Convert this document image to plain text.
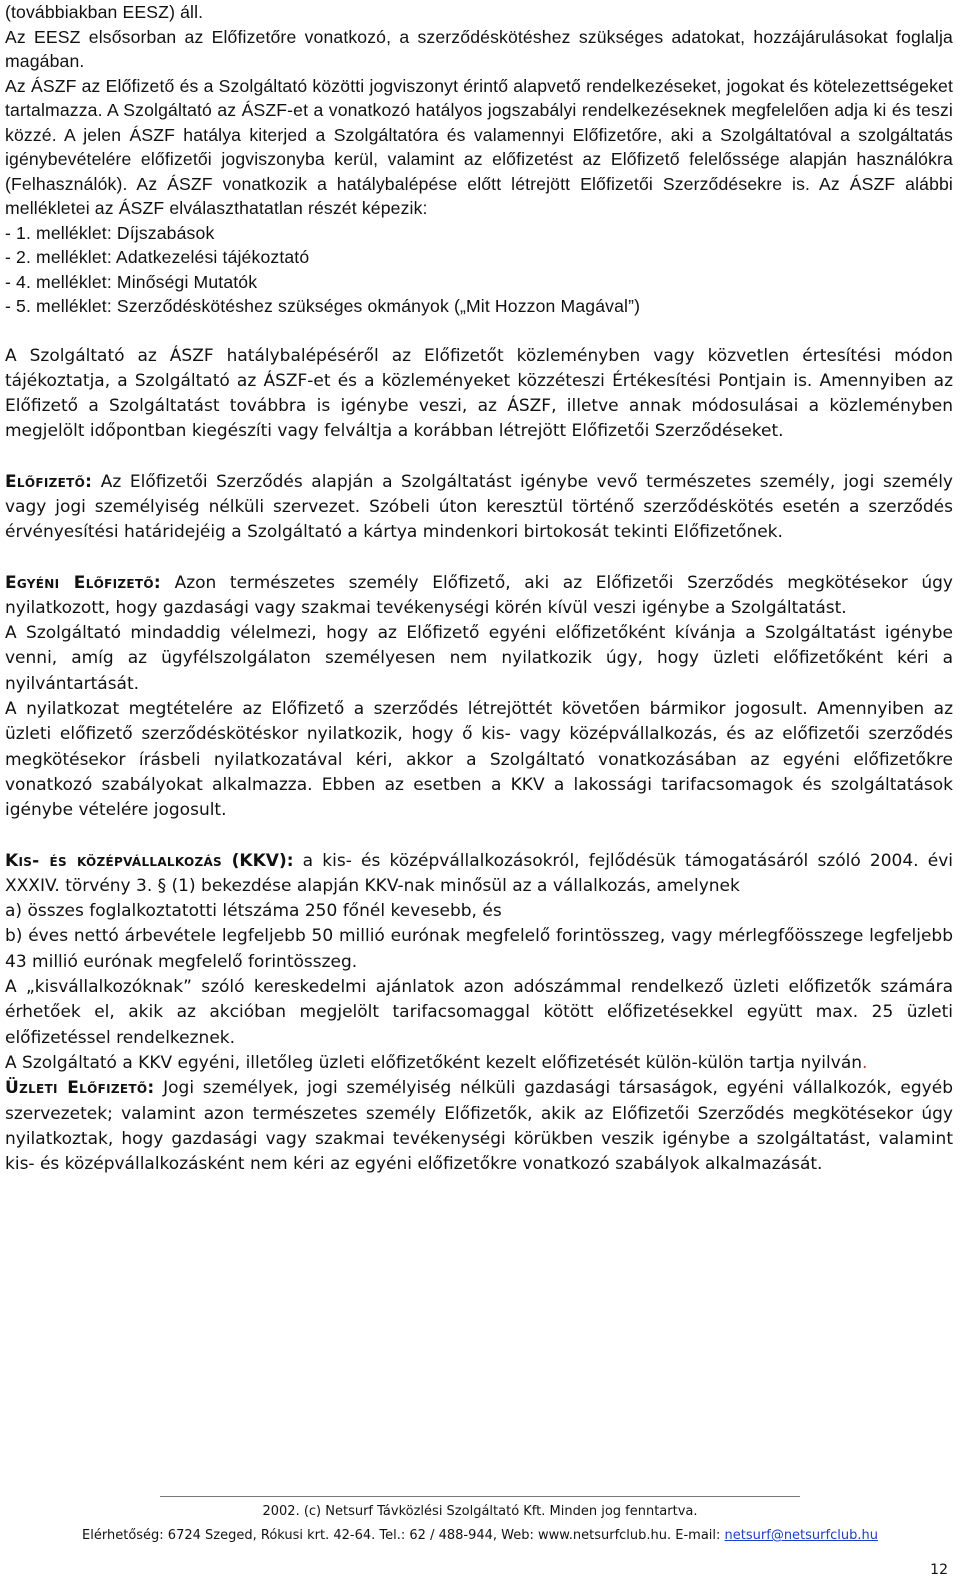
(továbbiakban EESZ) áll.

Az EESZ elsősorban az Előfizetőre vonatkozó, a szerződéskötéshez szükséges adatokat, hozzájárulásokat foglalja magában.

Az ÁSZF az Előfizető és a Szolgáltató közötti jogviszonyt érintő alapvető rendelkezéseket, jogokat és kötelezettségeket tartalmazza. A Szolgáltató az ÁSZF-et a vonatkozó hatályos jogszabályi rendelkezéseknek megfelelően adja ki és teszi közzé. A jelen ÁSZF hatálya kiterjed a Szolgáltatóra és valamennyi Előfizetőre, aki a Szolgáltatóval a szolgáltatás igénybevételére előfizetői jogviszonyba kerül, valamint az előfizetést az Előfizető felelőssége alapján használókra (Felhasználók). Az ÁSZF vonatkozik a hatálybalépése előtt létrejött Előfizetői Szerződésekre is. Az ÁSZF alábbi mellékletei az ÁSZF elválaszthatatlan részét képezik:

- 1. melléklet: Díjszabások

- 2. melléklet: Adatkezelési tájékoztató

- 4. melléklet: Minőségi Mutatók

- 5. melléklet: Szerződéskötéshez szükséges okmányok („Mit Hozzon Magával”)

A Szolgáltató az ÁSZF hatálybalépéséről az Előfizetőt közleményben vagy közvetlen értesítési módon tájékoztatja, a Szolgáltató az ÁSZF-et és a közleményeket közzéteszi Értékesítési Pontjain is. Amennyiben az Előfizető a Szolgáltatást továbbra is igénybe veszi, az ÁSZF, illetve annak módosulásai a közleményben megjelölt időpontban kiegészíti vagy felváltja a korábban létrejött Előfizetői Szerződéseket.

Előfizető: Az Előfizetői Szerződés alapján a Szolgáltatást igénybe vevő természetes személy, jogi személy vagy jogi személyiség nélküli szervezet. Szóbeli úton keresztül történő szerződéskötés esetén a szerződés érvényesítési határidejéig a Szolgáltató a kártya mindenkori birtokosát tekinti Előfizetőnek.

Egyéni Előfizető: Azon természetes személy Előfizető, aki az Előfizetői Szerződés megkötésekor úgy nyilatkozott, hogy gazdasági vagy szakmai tevékenységi körén kívül veszi igénybe a Szolgáltatást.

A Szolgáltató mindaddig vélelmezi, hogy az Előfizető egyéni előfizetőként kívánja a Szolgáltatást igénybe venni, amíg az ügyfélszolgálaton személyesen nem nyilatkozik úgy, hogy üzleti előfizetőként kéri a nyilvántartását.

A nyilatkozat megtételére az Előfizető a szerződés létrejöttét követően bármikor jogosult. Amennyiben az üzleti előfizető szerződéskötéskor nyilatkozik, hogy ő kis- vagy középvállalkozás, és az előfizetői szerződés megkötésekor írásbeli nyilatkozatával kéri, akkor a Szolgáltató vonatkozásában az egyéni előfizetőkre vonatkozó szabályokat alkalmazza. Ebben az esetben a KKV a lakossági tarifacsomagok és szolgáltatások igénybe vételére jogosult.

Kis- és középvállalkozás (KKV): a kis- és középvállalkozásokról, fejlődésük támogatásáról szóló 2004. évi XXXIV. törvény 3. § (1) bekezdése alapján KKV-nak minősül az a vállalkozás, amelynek

a) összes foglalkoztatotti létszáma 250 főnél kevesebb, és

b) éves nettó árbevétele legfeljebb 50 millió eurónak megfelelő forintösszeg, vagy mérlegfőösszege legfeljebb 43 millió eurónak megfelelő forintösszeg.

A „kisvállalkozóknak” szóló kereskedelmi ajánlatok azon adószámmal rendelkező üzleti előfizetők számára érhetőek el, akik az akcióban megjelölt tarifacsomaggal kötött előfizetésekkel együtt max. 25 üzleti előfizetéssel rendelkeznek.

A Szolgáltató a KKV egyéni, illetőleg üzleti előfizetőként kezelt előfizetését külön-külön tartja nyilván.

Üzleti Előfizető: Jogi személyek, jogi személyiség nélküli gazdasági társaságok, egyéni vállalkozók, egyéb szervezetek; valamint azon természetes személy Előfizetők, akik az Előfizetői Szerződés megkötésekor úgy nyilatkoztak, hogy gazdasági vagy szakmai tevékenységi körükben veszik igénybe a szolgáltatást, valamint kis- és középvállalkozásként nem kéri az egyéni előfizetőkre vonatkozó szabályok alkalmazását.

2002. (c) Netsurf Távközlési Szolgáltató Kft. Minden jog fenntartva.
Elérhetőség: 6724 Szeged, Rókusi krt. 42-64. Tel.: 62 / 488-944, Web: www.netsurfclub.hu. E-mail: netsurf@netsurfclub.hu
12
